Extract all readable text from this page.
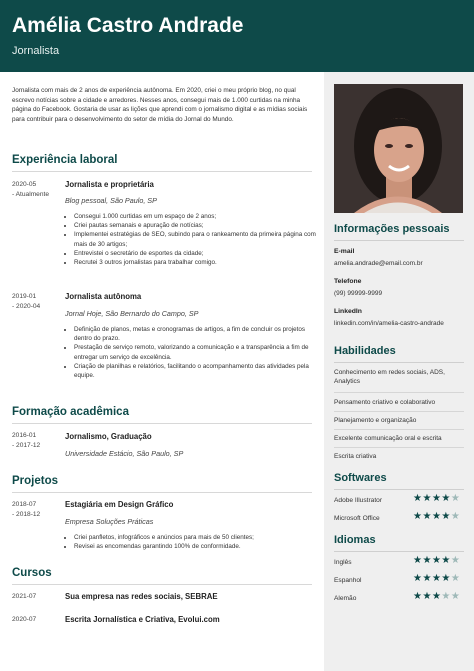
Amélia Castro Andrade
Jornalista
Jornalista com mais de 2 anos de experiência autônoma. Em 2020, criei o meu próprio blog, no qual escrevo notícias sobre a cidade e arredores. Nesses anos, consegui mais de 1.000 curtidas na minha página do Facebook. Gostaria de usar as lições que aprendi com o jornalismo digital e as mídias sociais para contribuir para o desenvolvimento do setor de mídia do Jornal do Mundo.
Experiência laboral
2020-05
- Atualmente
Jornalista e proprietária
Blog pessoal, São Paulo, SP
• Consegui 1.000 curtidas em um espaço de 2 anos;
• Criei pautas semanais e apuração de notícias;
• Implementei estratégias de SEO, subindo para o rankeamento da primeira página com mais de 30 artigos;
• Entrevistei o secretário de esportes da cidade;
• Recrutei 3 outros jornalistas para trabalhar comigo.
2019-01
- 2020-04
Jornalista autônoma
Jornal Hoje, São Bernardo do Campo, SP
• Definição de planos, metas e cronogramas de artigos, a fim de concluir os projetos dentro do prazo.
• Prestação de serviço remoto, valorizando a comunicação e a transparência a fim de entregar um serviço de excelência.
• Criação de planilhas e relatórios, facilitando o acompanhamento das atividades pela equipe.
Formação acadêmica
2016-01
- 2017-12
Jornalismo, Graduação
Universidade Estácio, São Paulo, SP
Projetos
2018-07
- 2018-12
Estagiária em Design Gráfico
Empresa Soluções Práticas
• Criei panfletos, infográficos e anúncios para mais de 50 clientes;
• Revisei as encomendas garantindo 100% de conformidade.
Cursos
2021-07	Sua empresa nas redes sociais, SEBRAE
2020-07	Escrita Jornalística e Criativa, Evolui.com
Informações pessoais
E-mail
amelia.andrade@email.com.br
Telefone
(99) 99999-9999
LinkedIn
linkedin.com/in/amelia-castro-andrade
Habilidades
Conhecimento em redes sociais, ADS, Analytics
Pensamento criativo e colaborativo
Planejamento e organização
Excelente comunicação oral e escrita
Escrita criativa
Softwares
Adobe Illustrator	★★★★★
Microsoft Office	★★★★★
Idiomas
Inglês	★★★★★
Espanhol	★★★★★
Alemão	★★★★★
